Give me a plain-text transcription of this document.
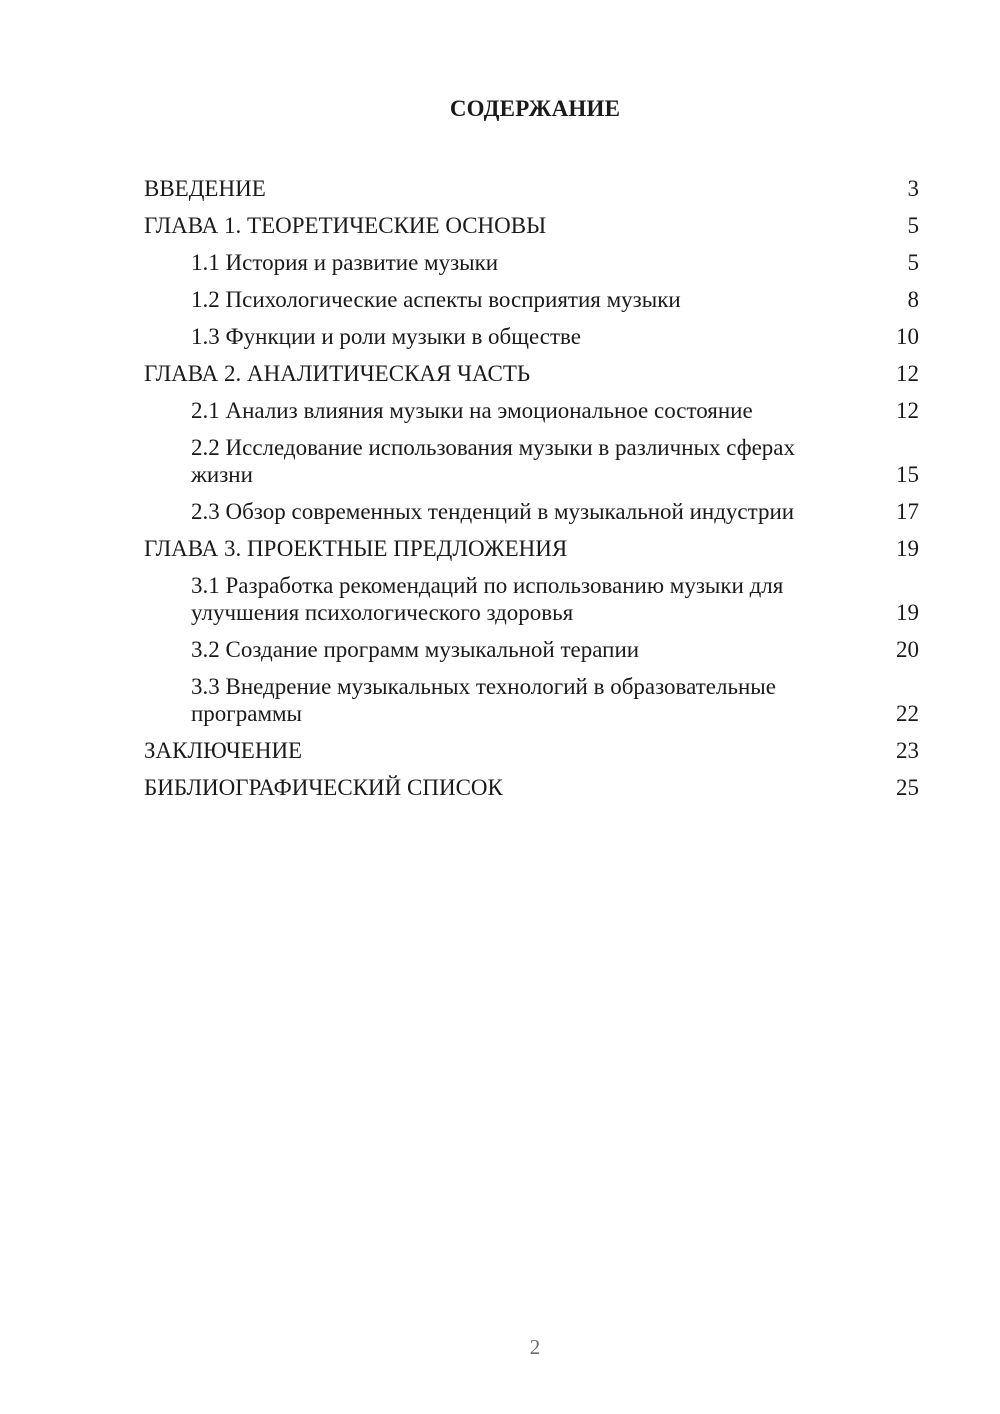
СОДЕРЖАНИЕ
ВВЕДЕНИЕ	3
ГЛАВА 1. ТЕОРЕТИЧЕСКИЕ ОСНОВЫ	5
1.1 История и развитие музыки	5
1.2 Психологические аспекты восприятия музыки	8
1.3 Функции и роли музыки в обществе	10
ГЛАВА 2. АНАЛИТИЧЕСКАЯ ЧАСТЬ	12
2.1 Анализ влияния музыки на эмоциональное состояние	12
2.2 Исследование использования музыки в различных сферах жизни	15
2.3 Обзор современных тенденций в музыкальной индустрии	17
ГЛАВА 3. ПРОЕКТНЫЕ ПРЕДЛОЖЕНИЯ	19
3.1 Разработка рекомендаций по использованию музыки для улучшения психологического здоровья	19
3.2 Создание программ музыкальной терапии	20
3.3 Внедрение музыкальных технологий в образовательные программы	22
ЗАКЛЮЧЕНИЕ	23
БИБЛИОГРАФИЧЕСКИЙ СПИСОК	25
2
